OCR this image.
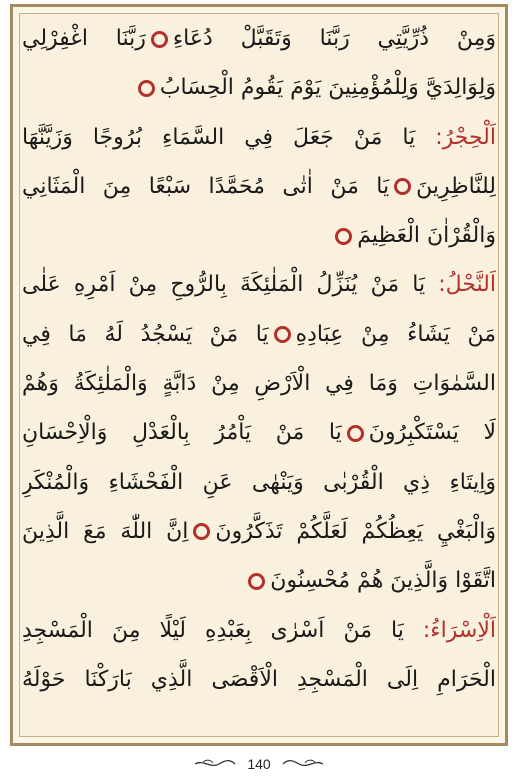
وَمِنْ ذُرِّيَّتِي رَبَّنَا وَتَقَبَّلْ دُعَاءِرَبَّنَا اغْفِرْلِي
وَلِوَالِدَيَّ وَلِلْمُؤْمِنِينَ يَوْمَ يَقُومُ الْحِسَابُ
اَلْحِجْرُ: يَا مَنْ جَعَلَ فِي السَّمَاءِ بُرُوجًا وَزَيَّنَّهَا
لِلنَّاظِرِينَيَا مَنْ اٰتٰى مُحَمَّدًا سَبْعًا مِنَ الْمَثَانِي
وَالْقُرْاٰنَ الْعَظِيمَ
اَلنَّحْلُ: يَا مَنْ يُنَزِّلُ الْمَلٰئِكَةَ بِالرُّوحِ مِنْ اَمْرِهِ عَلٰى
مَنْ يَشَاءُ مِنْ عِبَادِهِيَا مَنْ يَسْجُدُ لَهُ مَا فِي
السَّمٰوَاتِ وَمَا فِي الْاَرْضِ مِنْ دَابَّةٍ وَالْمَلٰئِكَةُ وَهُمْ
لَا يَسْتَكْبِرُونَيَا مَنْ يَاْمُرُ بِالْعَدْلِ وَالْاِحْسَانِ
وَاِيتَاءِ ذِي الْقُرْبٰى وَيَنْهٰى عَنِ الْفَحْشَاءِ وَالْمُنْكَرِ
وَالْبَغْيِ يَعِظُكُمْ لَعَلَّكُمْ تَذَكَّرُونَاِنَّ اللّٰهَ مَعَ الَّذِينَ
اتَّقَوْا وَالَّذِينَ هُمْ مُحْسِنُونَ
اَلْاِسْرَاءُ: يَا مَنْ اَسْرٰى بِعَبْدِهِ لَيْلًا مِنَ الْمَسْجِدِ
الْحَرَامِ اِلَى الْمَسْجِدِ الْاَقْصَى الَّذِي بَارَكْنَا حَوْلَهُ
140
